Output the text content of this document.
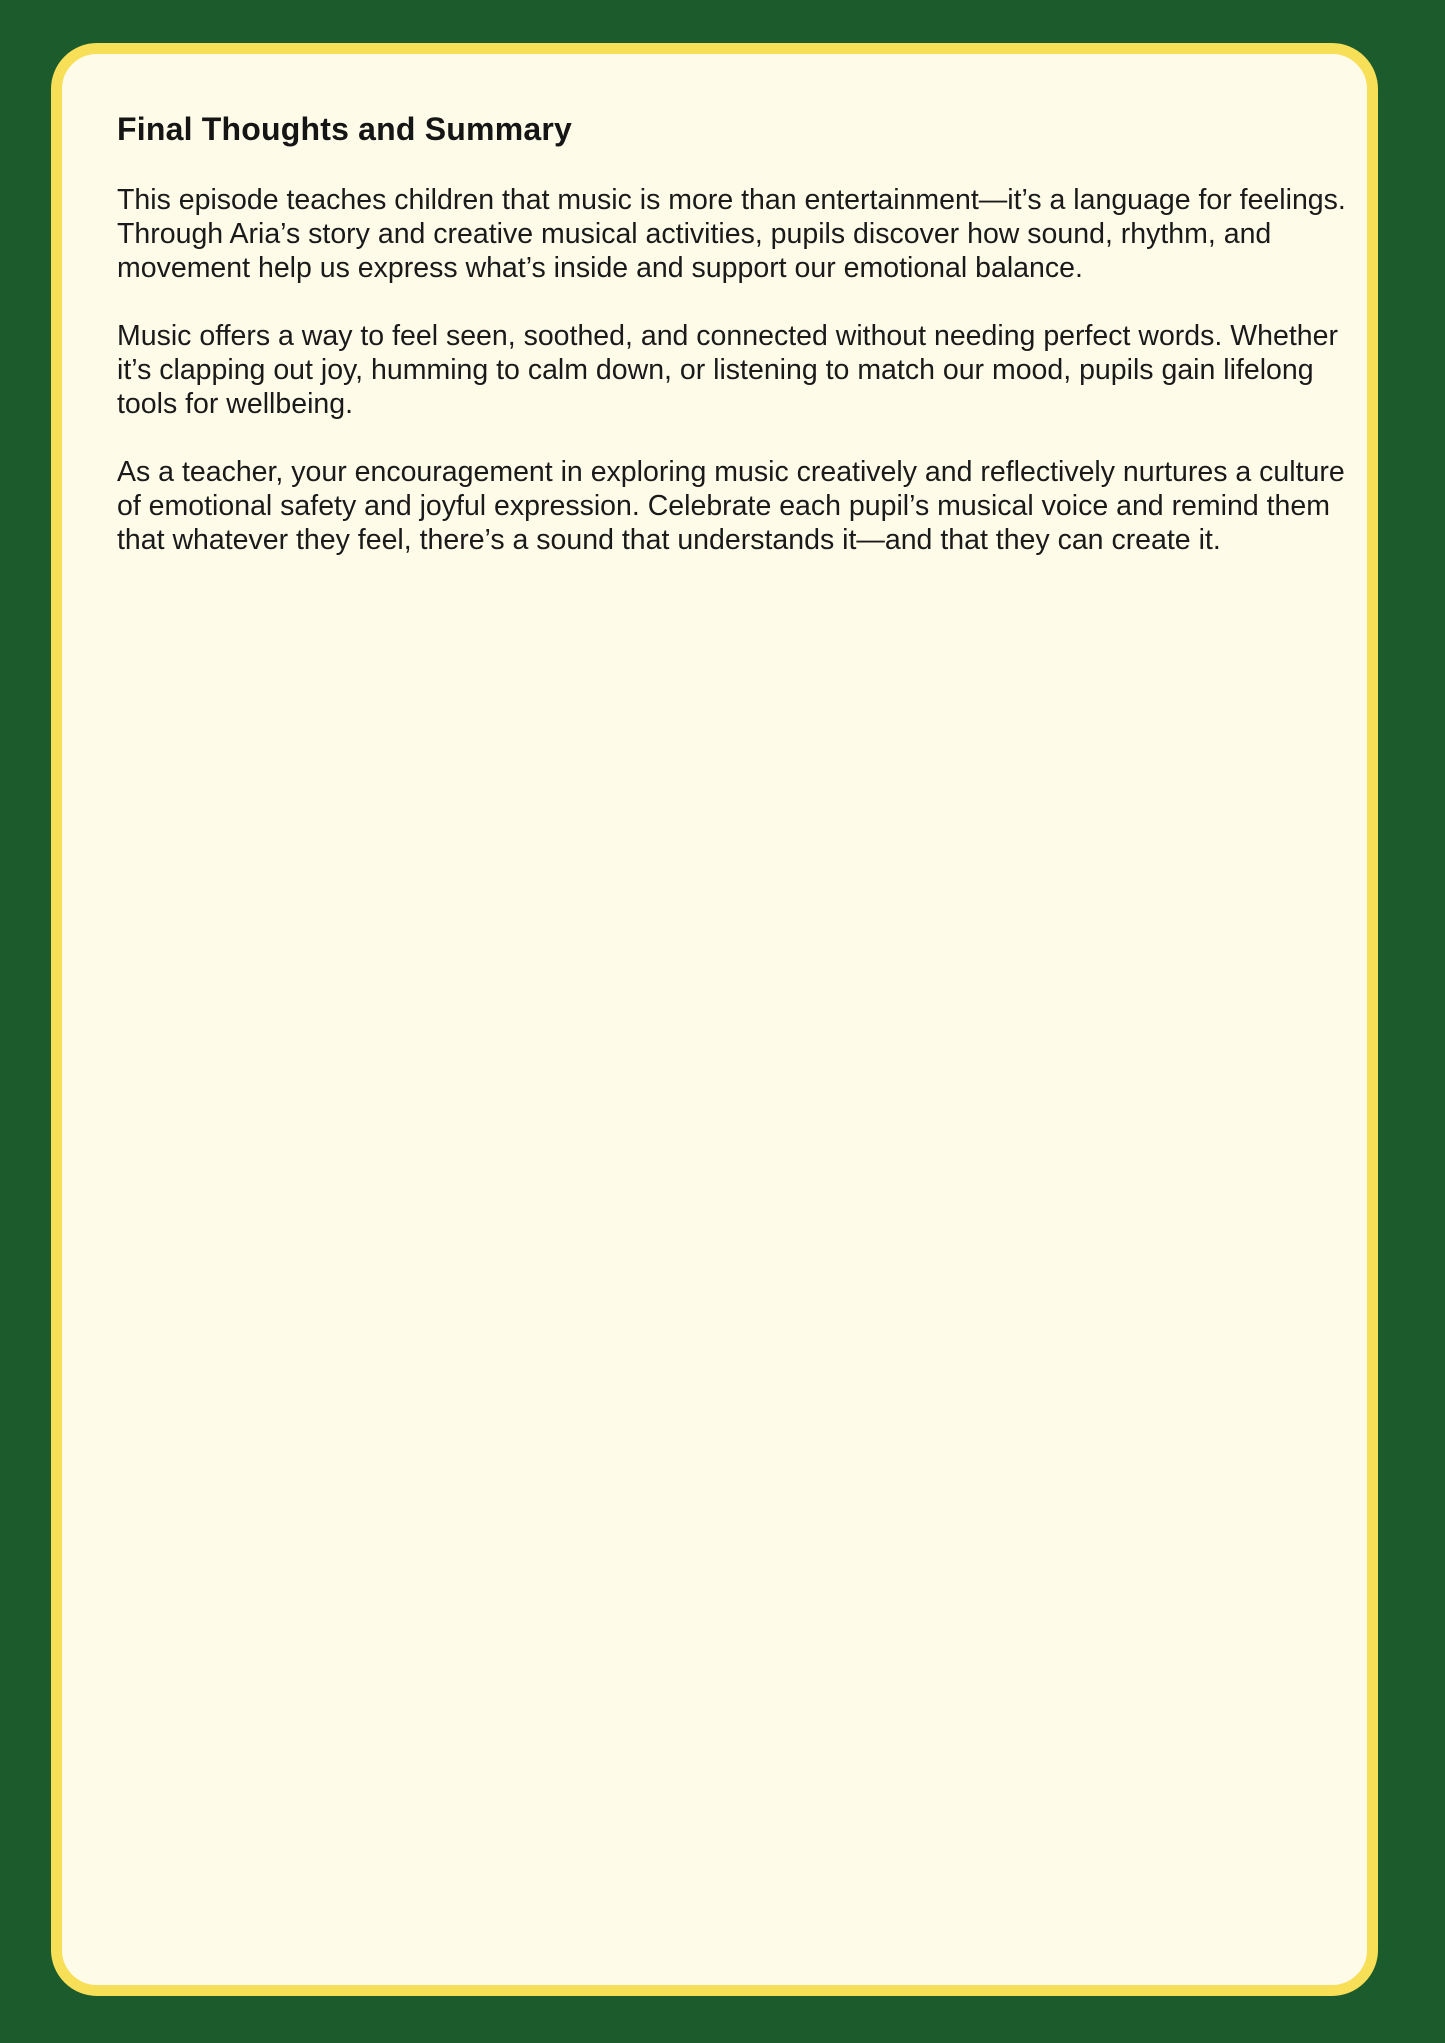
Final Thoughts and Summary

This episode teaches children that music is more than entertainment—it’s a language for feelings. Through Aria’s story and creative musical activities, pupils discover how sound, rhythm, and movement help us express what’s inside and support our emotional balance.

Music offers a way to feel seen, soothed, and connected without needing perfect words. Whether it’s clapping out joy, humming to calm down, or listening to match our mood, pupils gain lifelong tools for wellbeing.

As a teacher, your encouragement in exploring music creatively and reflectively nurtures a culture of emotional safety and joyful expression. Celebrate each pupil’s musical voice and remind them that whatever they feel, there’s a sound that understands it—and that they can create it.
